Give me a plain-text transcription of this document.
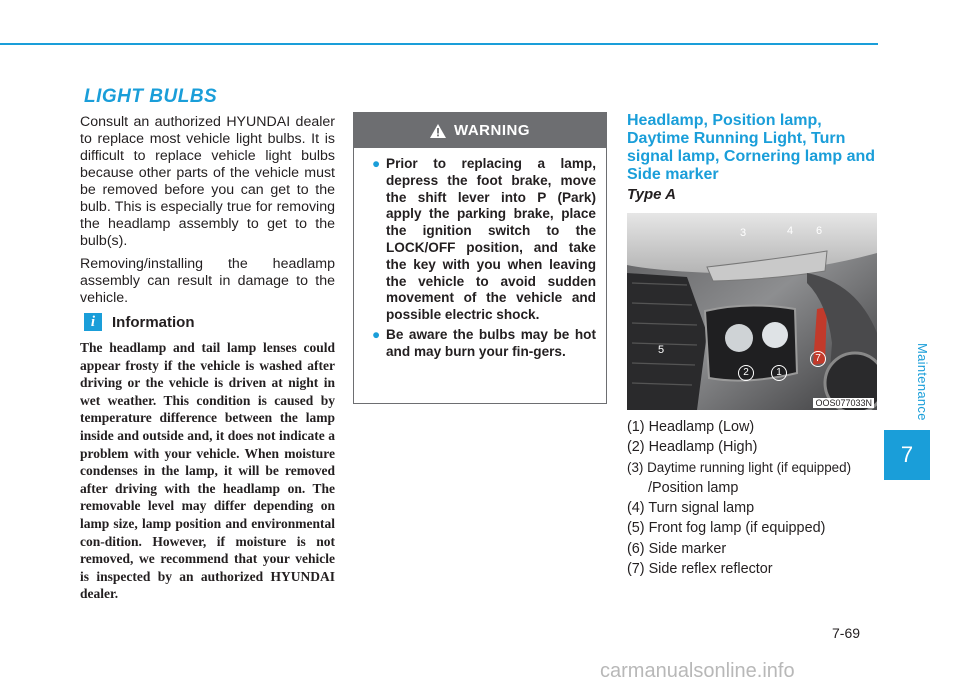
LIGHT BULBS

Consult an authorized HYUNDAI dealer to replace most vehicle light bulbs. It is difficult to replace vehicle light bulbs because other parts of the vehicle must be removed before you can get to the bulb. This is especially true for removing the headlamp assembly to get to the bulb(s).

Removing/installing the headlamp assembly can result in damage to the vehicle.

i	Information
The headlamp and tail lamp lenses could appear frosty if the vehicle is washed after driving or the vehicle is driven at night in wet weather. This condition is caused by temperature difference between the lamp inside and outside and, it does not indicate a problem with your vehicle. When moisture condenses in the lamp, it will be removed after driving with the headlamp on. The removable level may differ depending on lamp size, lamp position and environmental con-dition. However, if moisture is not removed, we recommend that your vehicle is inspected by an authorized HYUNDAI dealer.
WARNING
● Prior to replacing a lamp, depress the foot brake, move the shift lever into P (Park) apply the parking brake, place the ignition switch to the LOCK/OFF position, and take the key with you when leaving the vehicle to avoid sudden movement of the vehicle and possible electric shock.
● Be aware the bulbs may be hot and may burn your fin-gers.
Headlamp, Position lamp, Daytime Running Light, Turn signal lamp, Cornering lamp and Side marker
Type A
3	4 6
5
2	1
7
OOS077033N
(1) Headlamp (Low)
(2) Headlamp (High)
(3) Daytime running light (if equipped)
/Position lamp
(4) Turn signal lamp
(5) Front fog lamp (if equipped)
(6) Side marker
(7) Side reflex reflector
Maintenance
7
7-69
carmanualsonline.info
